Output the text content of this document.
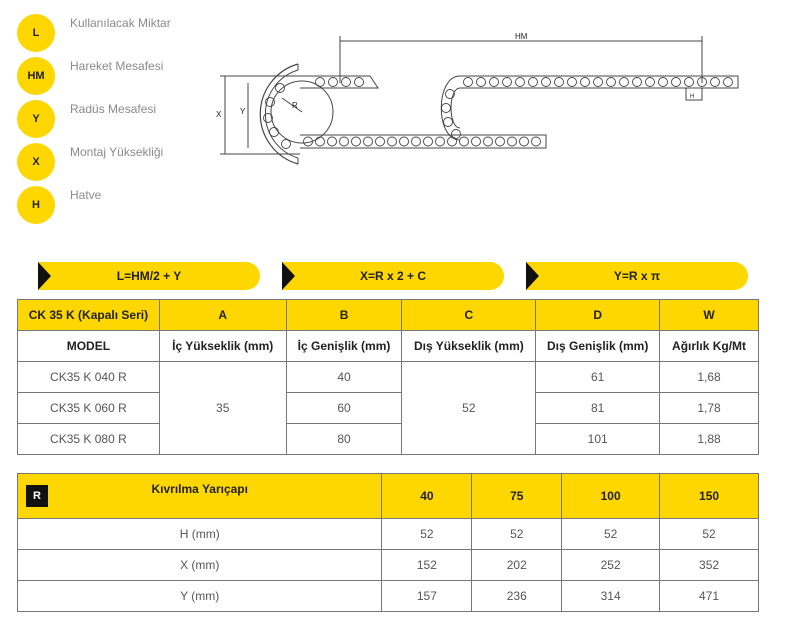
L
Kullanılacak Miktar
HM
Hareket Mesafesi
Y
Radüs Mesafesi
X
Montaj Yüksekliği
H
Hatve
HM
X Y
R
H
L=HM/2 + Y	X=R x 2 + C	Y=R x π
CK 35 K (Kapalı Seri)	A	B	C	D	W
MODEL	İç Yükseklik (mm)	İç Genişlik (mm)	Dış Yükseklik (mm)	Dış Genişlik (mm)	Ağırlık Kg/Mt
CK35 K 040 R	35	40	52	61	1,68
CK35 K 060 R		60		81	1,78
CK35 K 080 R		80		101	1,88
R Kıvrılma Yarıçapı	40	75	100	150
H (mm)	52	52	52	52
X (mm)	152	202	252	352
Y (mm)	157	236	314	471
